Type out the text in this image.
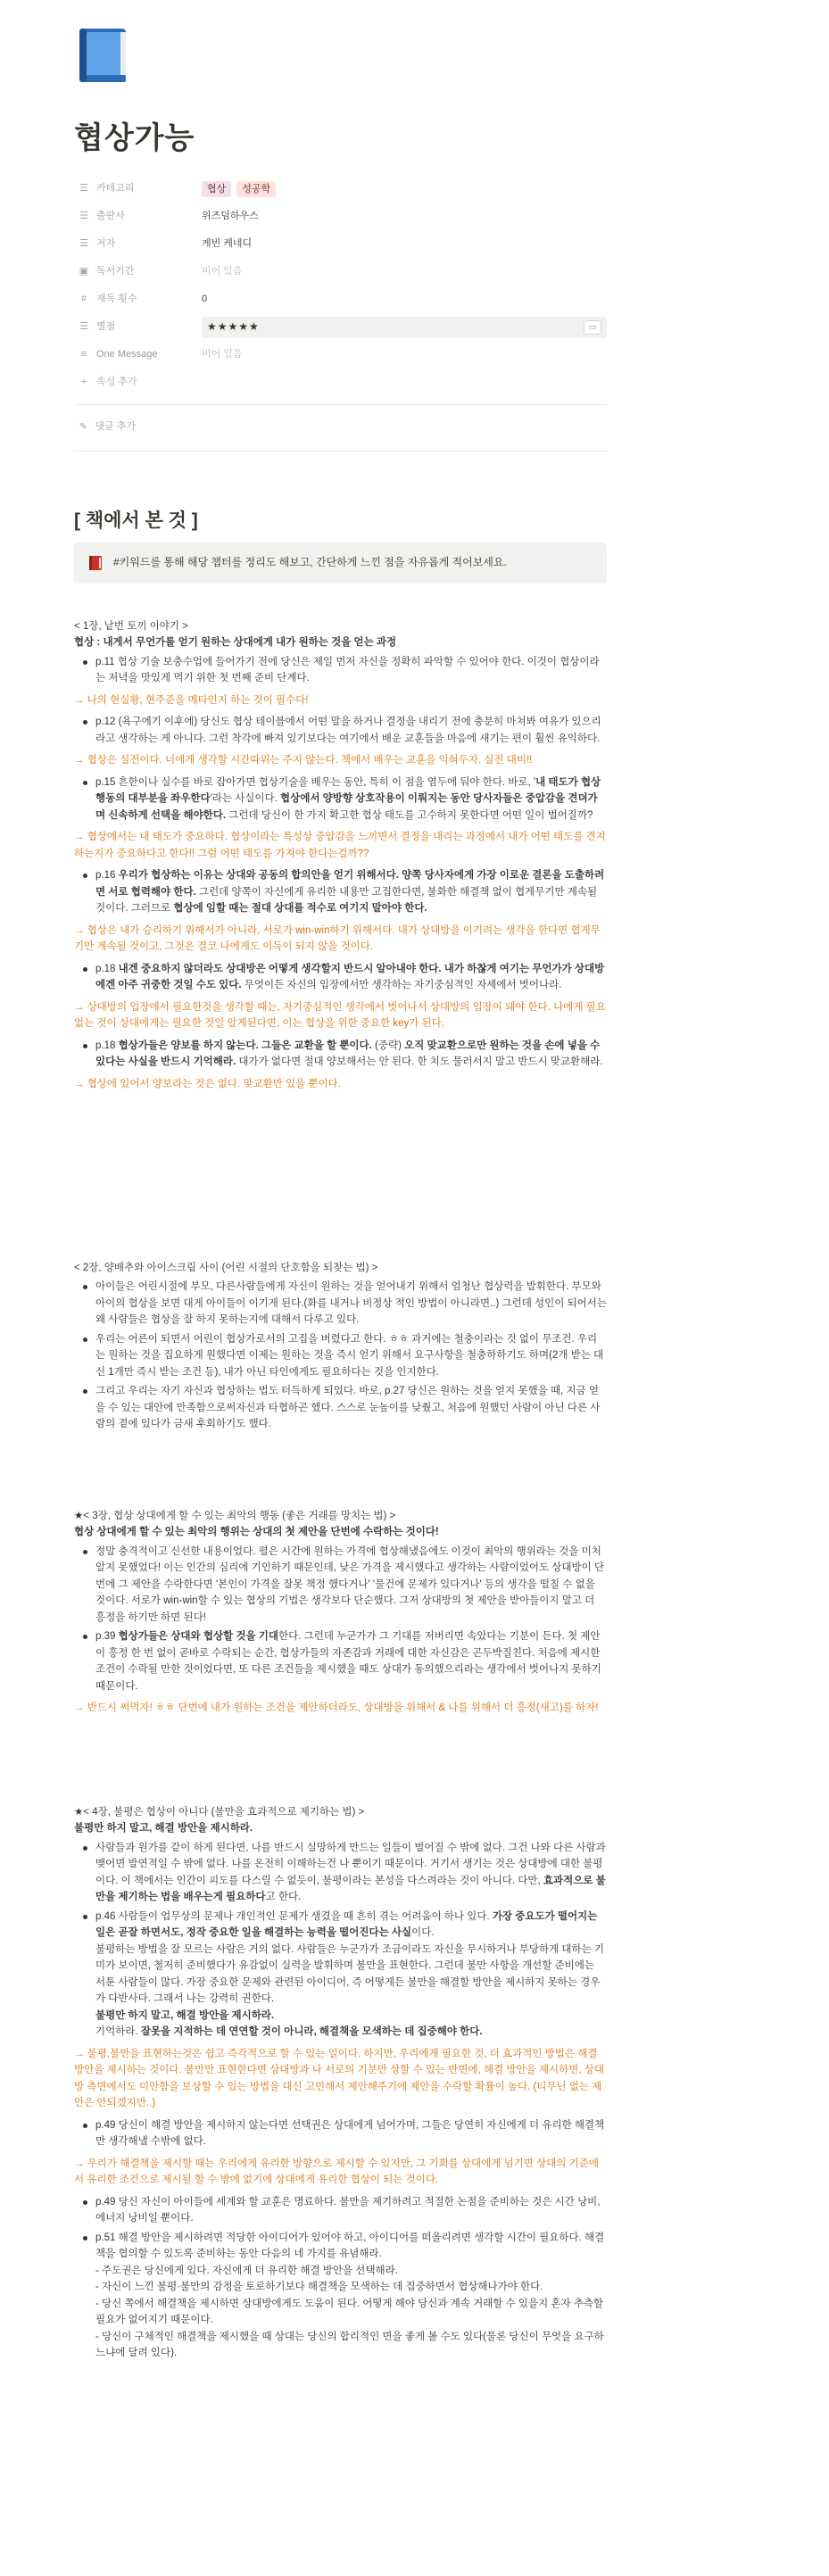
협상가능
☰ 카테고리	협상	성공학
☰ 출판사	위즈덤하우스
☰ 저자	게빈 케네디
▣ 독서기간	비어 있음
# 재독 횟수	0
☰ 별점	★★★★★	▭
≡ One Message	비어 있음
+ 속성 추가
✎ 댓글 추가
[ 책에서 본 것 ]
#키워드를 통해 해당 챕터를 정리도 해보고, 간단하게 느낀 점을 자유롭게 적어보세요.
< 1장, 낱번 토끼 이야기 >
협상 : 내게서 무언가를 얻기 원하는 상대에게 내가 원하는 것을 얻는 과정
p.11 협상 기술 보충수업에 들어가기 전에 당신은 제일 먼저 자신을 정확히 파악할 수 있어야 한다. 이것이 협상이라는 저녁을 맛있게 먹기 위한 첫 번째 준비 단계다.
→ 나의 현실황, 현주준을 메타인지 하는 것이 필수다!
p.12 (욕구에기 이후에) 당신도 협상 테이블에서 어떤 말을 하거나 결정을 내리기 전에 충분히 마쳐봐 여유가 있으리라고 생각하는 게 아니다. 그런 착각에 빠져 있기보다는 여기에서 배운 교훈들을 마음에 새기는 편이 훨씬 유익하다.
→ 협상은 실전이다. 너에게 생각할 시간따위는 주지 않는다. 책에서 배우는 교훈을 익혀두자. 실전 대비!!
p.15 흔한이나 실수를 바로 잡아가면 협상기술을 배우는 동안, 특히 이 점을 염두에 둬야 한다. 바로, '내 태도가 협상 행동의 대부분을 좌우한다'라는 사실이다. 협상에서 양방향 상호작용이 이뤄지는 동안 당사자들은 중압감을 견뎌가며 신속하게 선택을 해야한다. 그런데 당신이 한 가지 확고한 협상 태도를 고수하지 못한다면 어떤 일이 벌어질까?
→ 협상에서는 내 태도가 중요하다. 협상이라는 특성상 중압감을 느끼면서 결정을 내리는 과정에서 내가 어떤 태도를 견지하는지가 중요하다고 한다!! 그럼 어떤 태도를 가져야 한다는걸까??
p.16 우리가 협상하는 이유는 상대와 공동의 합의안을 얻기 위해서다. 양쪽 당사자에게 가장 이로운 결론을 도출하려면 서로 협력해야 한다. 그런데 양쪽이 자신에게 유리한 내용만 고집한다면, 불화한 해결책 없이 협게무기만 계속될 것이다. 그러므로 협상에 임할 때는 절대 상대를 적수로 여기지 말아야 한다.
→ 협상은 내가 승리하기 위해서가 아니라, 서로가 win-win하기 위해서다. 내가 상대방을 이기려는 생각을 한다면 협게무기만 계속될 것이고, 그것은 결코 나에게도 이득이 되지 않을 것이다.
p.18 내겐 중요하지 않더라도 상대방은 어떻게 생각할지 반드시 알아내야 한다. 내가 하찮게 여기는 무언가가 상대방에겐 아주 귀중한 것일 수도 있다. 무엇이든 자신의 입장에서만 생각하는 자기중심적인 자세에서 벗어나라.
→ 상대방의 입장에서 필요한것을 생각할 때는, 자기중심적인 생각에서 벗어나서 상대방의 입장이 돼야 한다. 나에게 필요없는 것이 상대에게는 필요한 것일 알게된다면, 이는 협상을 위한 중요한 key가 된다.
p.18 협상가들은 양보를 하지 않는다. 그들은 교환을 할 뿐이다. (중략) 오직 맞교환으로만 원하는 것을 손에 넣을 수 있다는 사실을 반드시 기억해라. 대가가 없다면 절대 양보해서는 안 된다. 한 치도 물러서지 말고 반드시 맞교환해라.
→ 협상에 있어서 양보라는 것은 없다. 맞교환만 있을 뿐이다.
< 2장, 양배추와 아이스크림 사이 (어린 시절의 단호함을 되찾는 법) >
아이들은 어린시절에 부모, 다른사람들에게 자신이 원하는 것을 얻어내기 위해서 엄청난 협상력을 발휘한다. 부모와 아이의 협상을 보면 대게 아이들이 이기게 된다.(화를 내거나 비정상 적인 방법이 아니라면..) 그런데 성인이 되어서는 왜 사람들은 협상을 잘 하지 못하는지에 대해서 다루고 있다.
우리는 어른이 되면서 어린이 협상가로서의 고집을 버렸다고 한다. ㅎㅎ 과거에는 철충이라는 것 없이 무조건. 우리는 원하는 것을 집요하게 원했다면 이제는 원하는 것을 즉시 얻기 위해서 요구사항을 철충하하기도 하며(2개 받는 대신 1개만 즉시 받는 조건 등), 내가 아닌 타인에게도 필요하다는 것을 인지한다.
그리고 우리는 자기 자신과 협상하는 법도 터득하게 되었다. 바로, p.27 당신은 원하는 것을 얻지 못했을 때, 지금 얻을 수 있는 대안에 만족함으로써자신과 타협하곤 했다. 스스로 눈높이를 낮췄고, 처음에 원했던 사람이 아닌 다른 사람의 곁에 있다가 금새 후회하기도 했다.
★< 3장, 협상 상대에게 할 수 있는 최악의 행동 (좋은 거래를 망치는 법) >
협상 상대에게 할 수 있는 최악의 행위는 상대의 첫 제안을 단번에 수락하는 것이다!
정말 충격적이고 신선한 내용이었다. 펼은 시간에 원하는 가격에 협상해냈음에도 이것이 최악의 행위라는 것을 미처 알지 못했었다! 이는 인간의 심리에 기인하기 때문인데, 낮은 가격을 제시했다고 생각하는 사람이었어도 상대방이 단번에 그 제안을 수락한다면 '본인이 가격을 잘못 책정 했다거나' '물건에 문제가 있다거나' 등의 생각을 떨칠 수 없을 것이다. 서로가 win-win할 수 있는 협상의 기법은 생각보다 단순했다. 그저 상대방의 첫 제안을 받아들이지 말고 더 흥정을 하기만 하면 된다!
p.39 협상가들은 상대와 협상할 것을 기대한다. 그런데 누군가가 그 기대를 저버리면 속았다는 기분이 든다. 첫 제안이 흥정 한 번 없이 곧바로 수락되는 순간, 협상가들의 자존감과 거래에 대한 자신감은 곤두박질친다. 처음에 제시한 조건이 수락될 만한 것이었다면, 또 다른 조건들을 제시했을 때도 상대가 동의했으리라는 생각에서 벗어나지 못하기 때문이다.
→ 반드시 써먹자! ㅎㅎ 단번에 내가 원하는 조건을 제안하더라도, 상대방을 위해서 & 나를 위해서 더 흥정(새고)를 하자!
★< 4장, 불평은 협상이 아니다 (불만을 효과적으로 제기하는 법) >
불평만 하지 말고, 해결 방안을 제시하라.
사람들과 원가를 같이 하게 된다면, 나를 반드시 실망하게 만드는 일들이 벌어질 수 밖에 없다. 그건 나와 다른 사람과 맺어면 발연적일 수 밖에 없다. 나를 온전히 이해하는건 나 뿐이기 때문이다. 거기서 생기는 것은 상대방에 대한 불평이다. 이 책에서는 인간이 피도를 다스릴 수 없듯이, 불평이라는 본성을 다스려라는 것이 아니다. 다만, 효과적으로 불만을 제기하는 법을 배우는게 필요하다고 한다.
p.46 사람들이 업무상의 문제나 개인적인 문제가 생겼을 때 흔히 겪는 어려움이 하나 있다. 가장 중요도가 떨어지는 일은 곧잘 하면서도, 정작 중요한 일을 해결하는 능력을 떨어진다는 사실이다.
불평하는 방법을 잘 모르는 사람은 거의 없다. 사람들은 누군가가 조금이라도 자신을 무시하거나 부당하게 대하는 기미가 보이면, 철저히 준비했다가 유감없이 실력을 발휘하며 불만을 표현한다. 그런데 불만 사항을 개선할 준비에는 서툰 사람들이 많다. 가장 중요한 문제와 관련된 아이디어, 즉 어떻게든 불만을 해결할 방안을 제시하지 못하는 경우가 다반사다. 그래서 나는 강력히 권한다.
불평만 하지 말고, 해결 방안을 제시하라.
기억하라. 잘못을 지적하는 데 연연할 것이 아니라, 해결책을 모색하는 데 집중해야 한다.
→ 불평,불만을 표현하는것은 쉽고 즉각적으로 할 수 있는 일이다. 하지만, 우리에게 필요한 것, 더 효과적인 방법은 해결 방안을 제시하는 것이다. 불만만 표현한다면 상대방과 나 서로의 기분만 상할 수 있는 반면에, 해결 방안을 제시하면, 상대방 측면에서도 미안함을 보상할 수 있는 방법을 대신 고민해서 제안해주기에 제안을 수락할 확률이 높다. (티무닌 없는 제안은 안되겠지만..)
p.49 당신이 해결 방안을 제시하지 않는다면 선택권은 상대에게 넘어가며, 그들은 당연히 자신에게 더 유리한 해결책만 생각해낼 수밖에 없다.
→ 우리가 해결책을 제시할 때는 우리에게 유리한 방향으로 제시할 수 있지만, 그 기회를 상대에게 넘기면 상대의 기준에서 유리한 조건으로 제시될 할 수 밖에 없기에 상대에게 유리한 협상이 되는 것이다.
p.49 당신 자신이 아이들에 세계와 할 교훈은 명료하다. 불만을 제기하려고 적절한 논점을 준비하는 것은 시간 낭비, 에너지 낭비일 뿐이다.
p.51 해결 방안을 제시하려면 적당한 아이디어가 있어야 하고, 아이디어를 떠올리려면 생각할 시간이 필요하다. 해결책을 협의할 수 있도록 준비하는 동안 다음의 네 가지를 유념해라.
- 주도권은 당신에게 있다. 자신에게 더 유리한 해결 방안을 선택해라.
- 자신이 느낀 불평·불만의 감정을 토로하기보다 해결책을 모색하는 데 집중하면서 협상해나가야 한다.
- 당신 쪽에서 해결책을 제시하면 상대방에게도 도움이 된다. 어떻게 해야 당신과 계속 거래할 수 있을지 혼자 추측할 필요가 없어지기 때문이다.
- 당신이 구체적인 해결책을 제시했을 때 상대는 당신의 합리적인 면을 좋게 볼 수도 있다(물론 당신이 무엇을 요구하느냐에 달려 있다).
